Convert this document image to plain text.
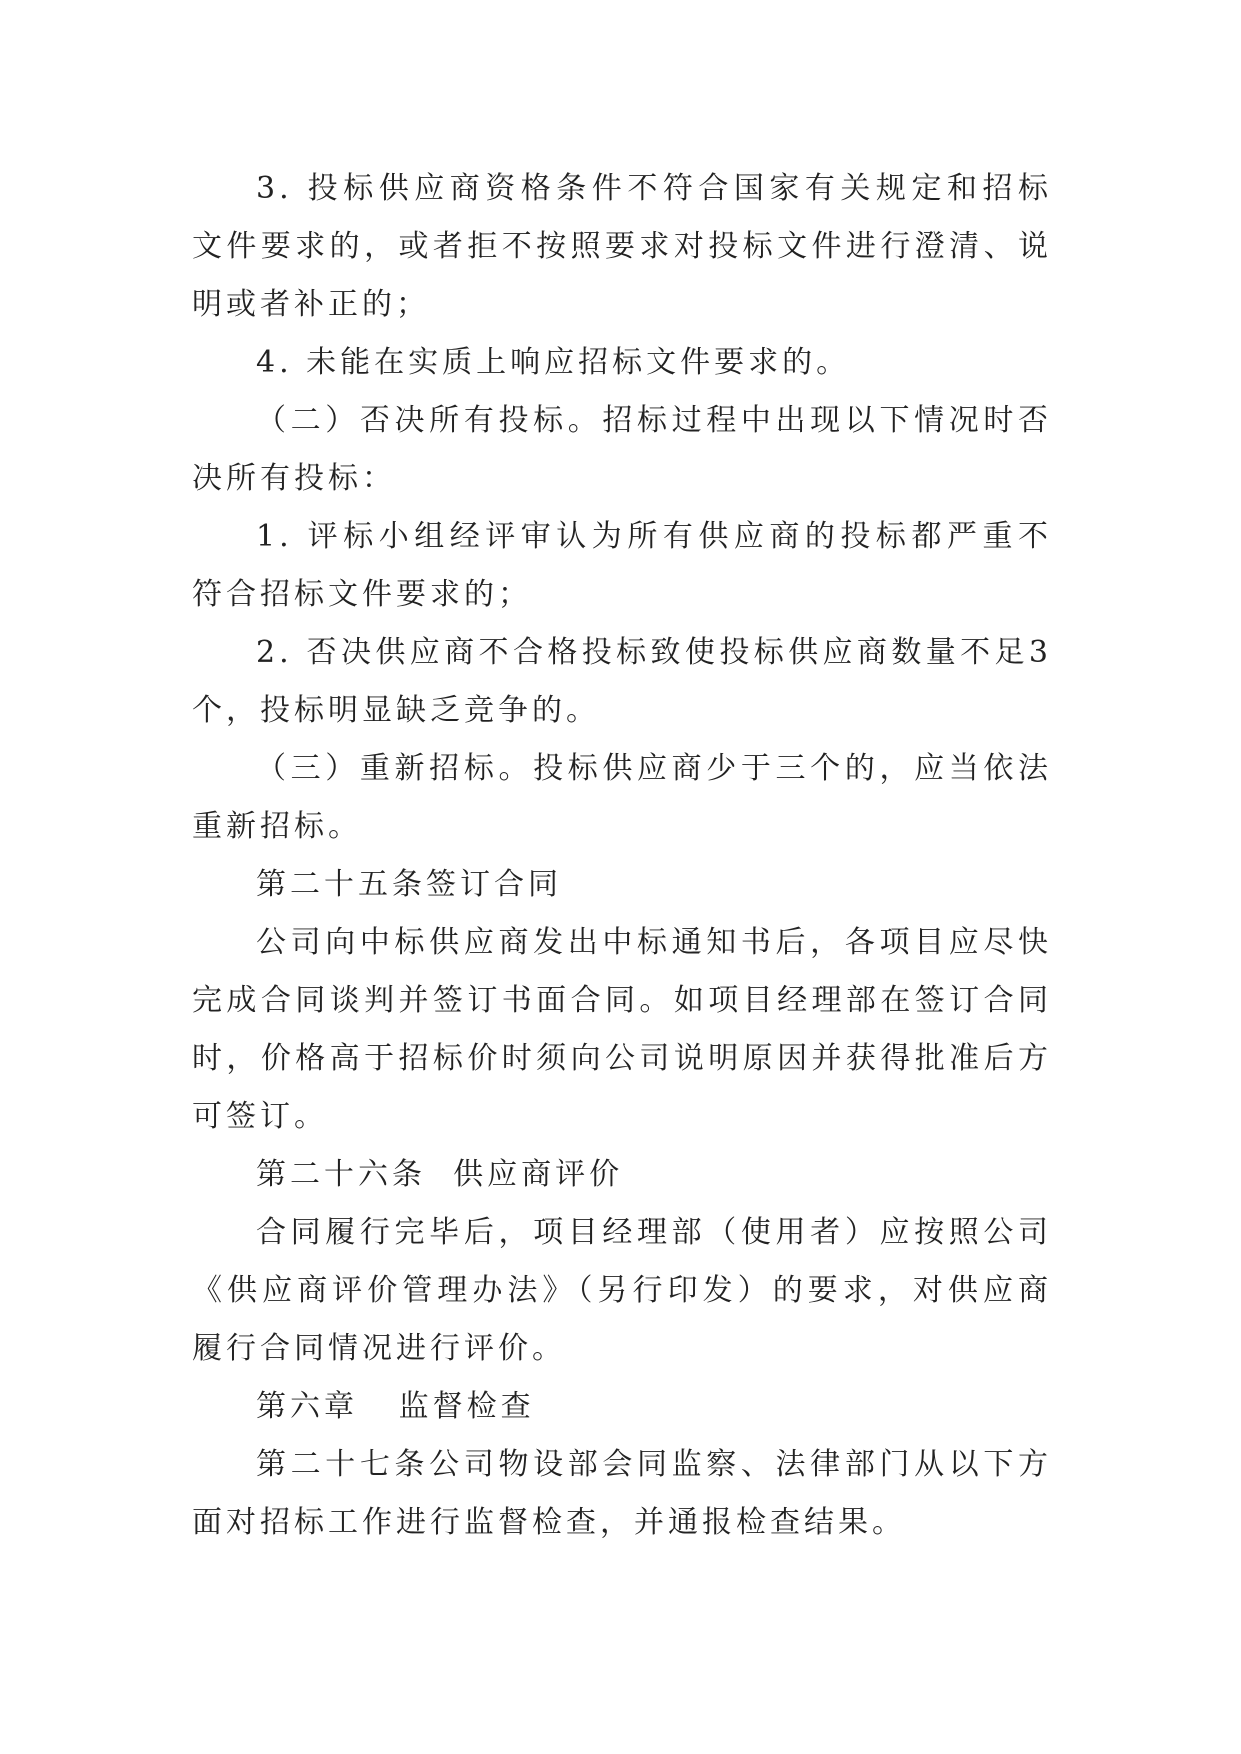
3. 投标供应商资格条件不符合国家有关规定和招标文件要求的，或者拒不按照要求对投标文件进行澄清、说明或者补正的；

4. 未能在实质上响应招标文件要求的。

（二）否决所有投标。招标过程中出现以下情况时否决所有投标：

1. 评标小组经评审认为所有供应商的投标都严重不符合招标文件要求的；

2. 否决供应商不合格投标致使投标供应商数量不足3个，投标明显缺乏竞争的。

（三）重新招标。投标供应商少于三个的，应当依法重新招标。

第二十五条签订合同

公司向中标供应商发出中标通知书后，各项目应尽快完成合同谈判并签订书面合同。如项目经理部在签订合同时，价格高于招标价时须向公司说明原因并获得批准后方可签订。

第二十六条  供应商评价

合同履行完毕后，项目经理部（使用者）应按照公司《供应商评价管理办法》（另行印发）的要求，对供应商履行合同情况进行评价。

第六章   监督检查

第二十七条公司物设部会同监察、法律部门从以下方面对招标工作进行监督检查，并通报检查结果。
